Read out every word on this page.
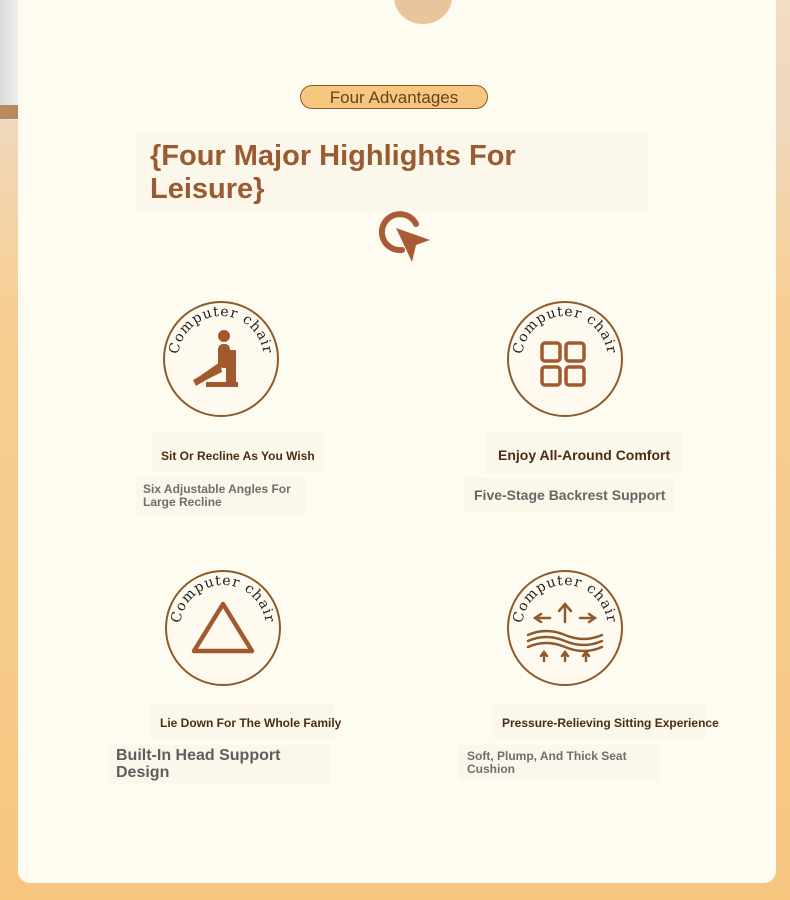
Four Advantages
{Four Major Highlights For Leisure}
Computer chair
Sit Or Recline As You Wish
Six Adjustable Angles For Large Recline
Computer chair
Enjoy All-Around Comfort
Five-Stage Backrest Support
Computer chair
Lie Down For The Whole Family
Built-In Head Support Design
Computer chair
Pressure-Relieving Sitting Experience
Soft, Plump, And Thick Seat Cushion
